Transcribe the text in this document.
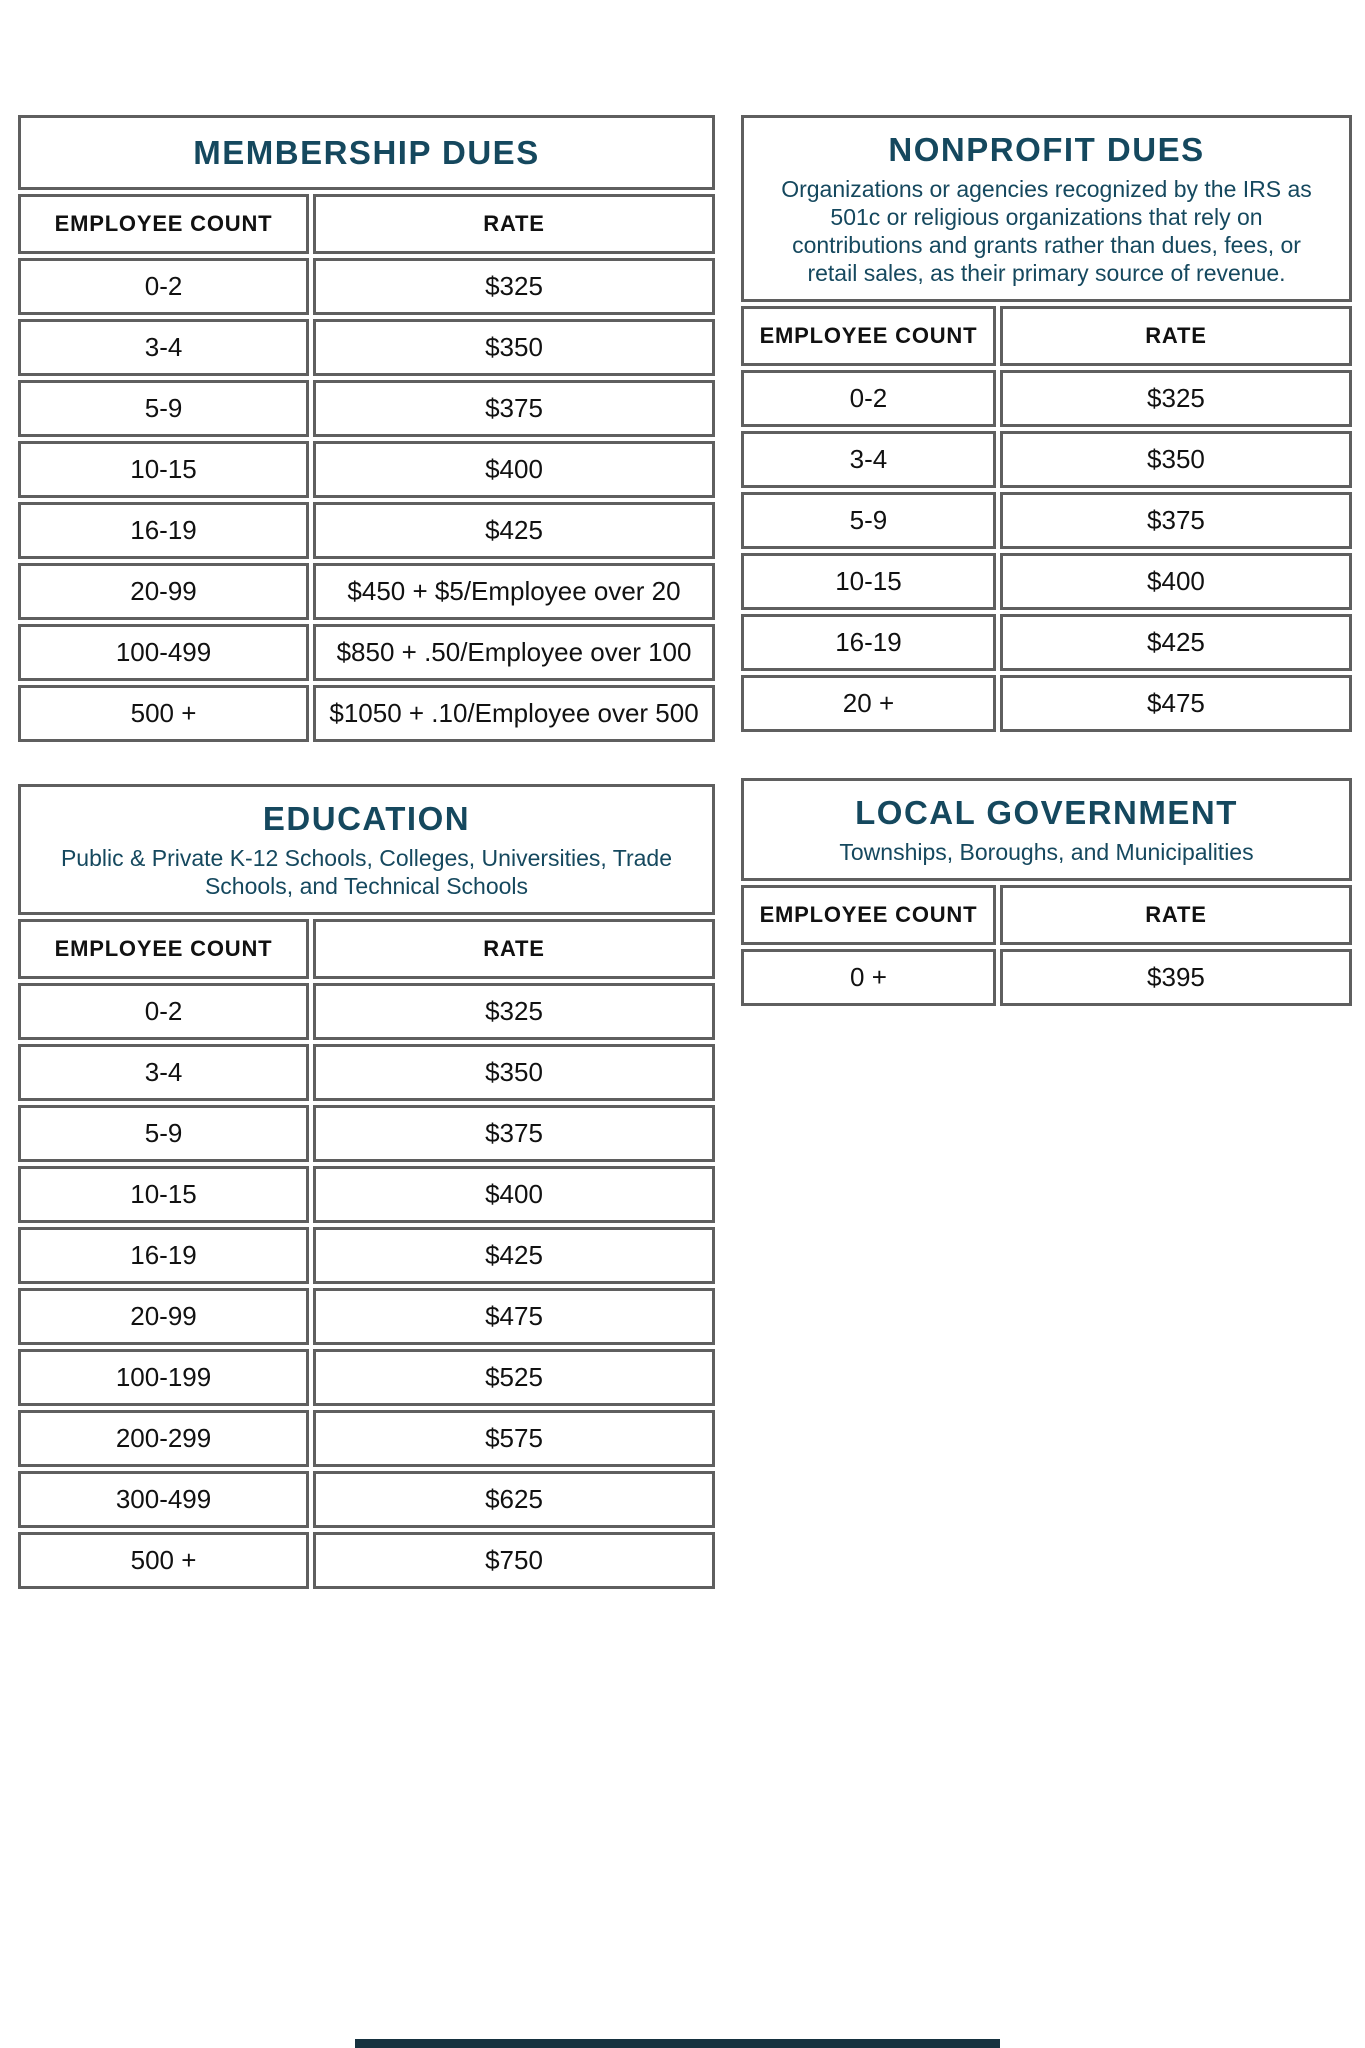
MEMBERSHIP DUES
EMPLOYEE COUNT	RATE
0-2	$325
3-4	$350
5-9	$375
10-15	$400
16-19	$425
20-99	$450 + $5/Employee over 20
100-499	$850 + .50/Employee over 100
500 +	$1050 + .10/Employee over 500
NONPROFIT DUES

Organizations or agencies recognized by the IRS as 501c or religious organizations that rely on contributions and grants rather than dues, fees, or retail sales, as their primary source of revenue.

EMPLOYEE COUNT	RATE
0-2	$325
3-4	$350
5-9	$375
10-15	$400
16-19	$425
20 +	$475
EDUCATION

Public & Private K-12 Schools, Colleges, Universities, Trade Schools, and Technical Schools

EMPLOYEE COUNT	RATE
0-2	$325
3-4	$350
5-9	$375
10-15	$400
16-19	$425
20-99	$475
100-199	$525
200-299	$575
300-499	$625
500 +	$750
LOCAL GOVERNMENT

Townships, Boroughs, and Municipalities

EMPLOYEE COUNT	RATE
0 +	$395
